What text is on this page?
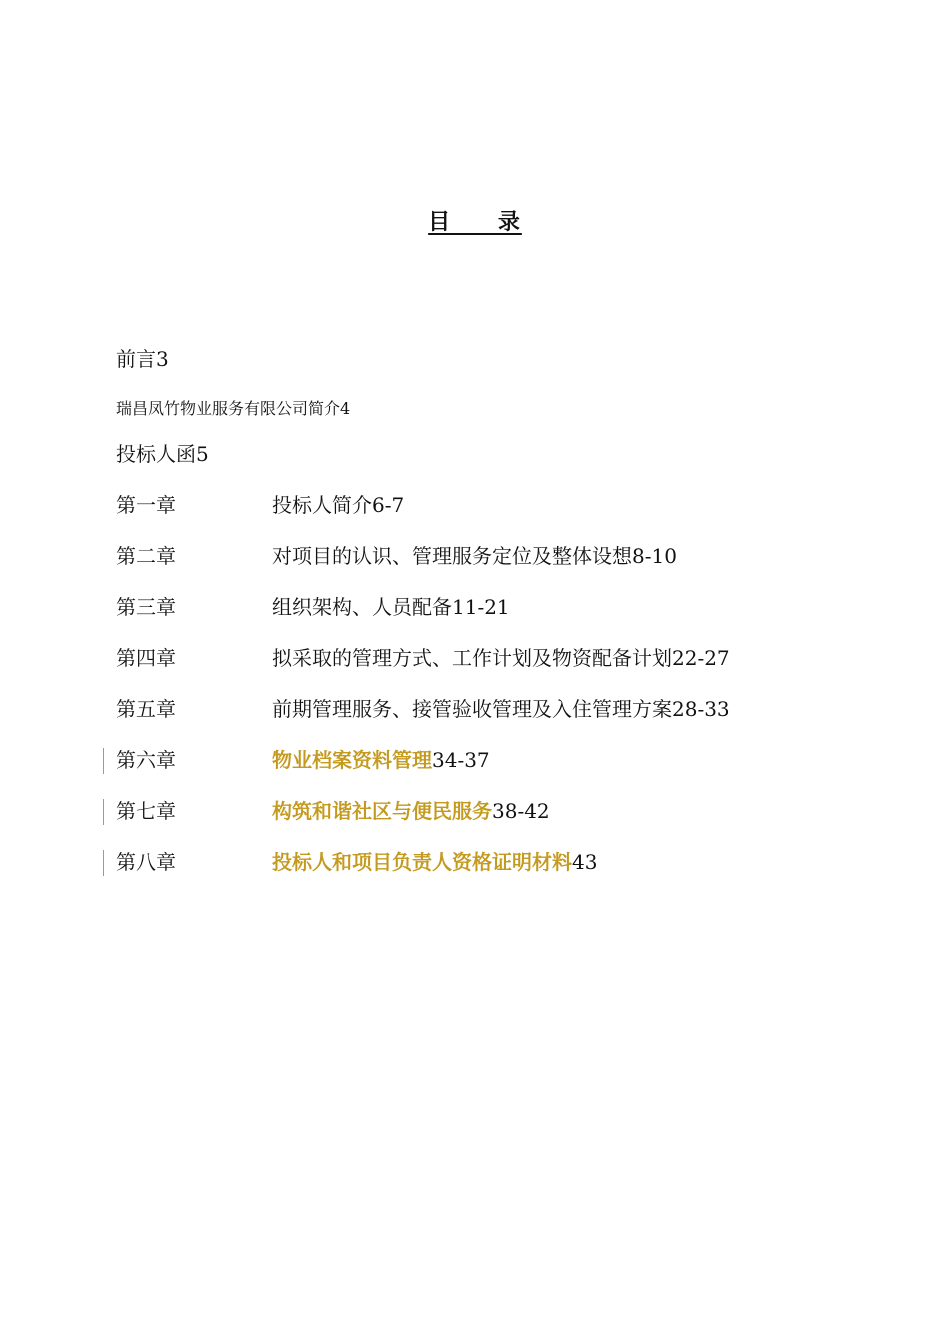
目 录
前言3
瑞昌凤竹物业服务有限公司简介4
投标人函5
第一章	投标人简介6-7
第二章	对项目的认识、管理服务定位及整体设想8-10
第三章	组织架构、人员配备11-21
第四章	拟采取的管理方式、工作计划及物资配备计划22-27
第五章	前期管理服务、接管验收管理及入住管理方案28-33
第六章	物业档案资料管理34-37
第七章	构筑和谐社区与便民服务38-42
第八章	投标人和项目负责人资格证明材料43
